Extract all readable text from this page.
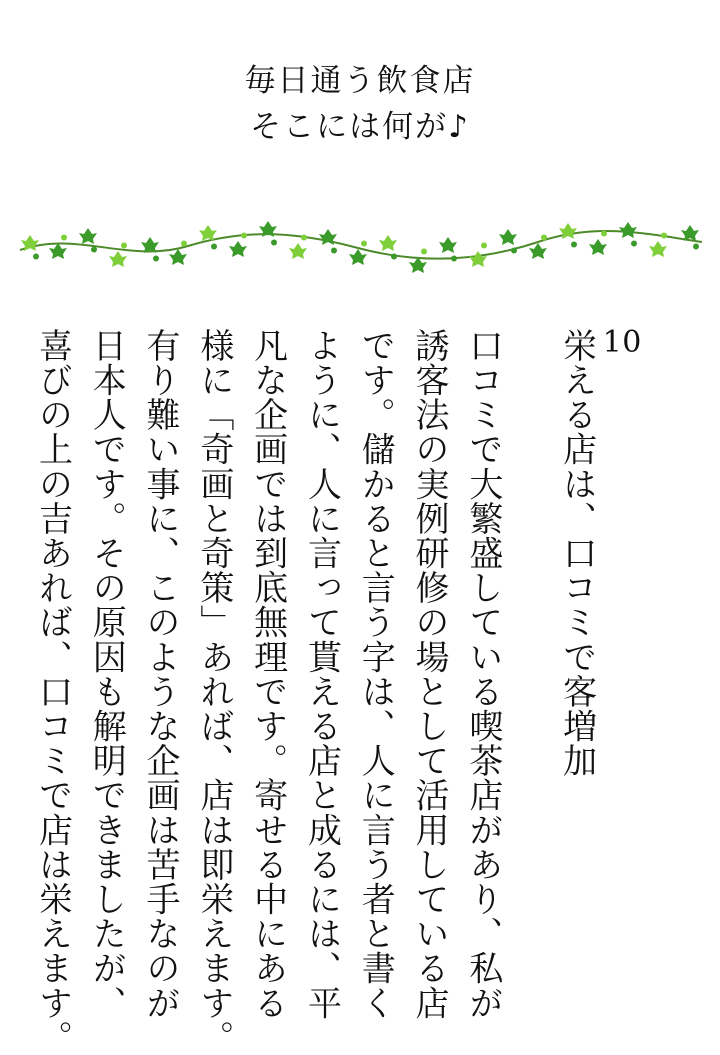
毎日通う飲食店
そこには何が♪
10
栄える店は、口コミで客増加
口コミで大繁盛している喫茶店があり、私が
誘客法の実例研修の場として活用している店
です。儲かると言う字は、人に言う者と書く
ように、人に言って貰える店と成るには、平
凡な企画では到底無理です。寄せる中にある
様に「奇画と奇策」あれば、店は即栄えます。
有り難い事に、このような企画は苦手なのが
日本人です。その原因も解明できましたが、
喜びの上の吉あれば、口コミで店は栄えます。
